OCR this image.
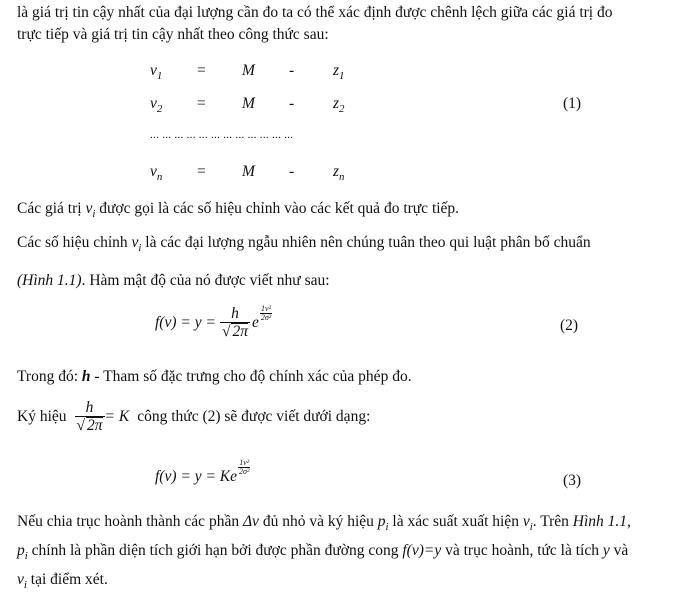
là giá trị tin cậy nhất của đại lượng cần đo ta có thể xác định được chênh lệch giữa các giá trị đo
trực tiếp và giá trị tin cậy nhất theo công thức sau:
$v_1 = M$ -	$z_1$
$v_2 = M$ -	$z_2$	(1)
... ... ... ... ... ... ... ... ... ... ... ...
$v_n = M$ -	$z_n$
Các giá trị $v_i$ được gọi là các số hiệu chỉnh vào các kết quả đo trực tiếp.
Các số hiệu chỉnh $v_i$ là các đại lượng ngẫu nhiên nên chúng tuân theo qui luật phân bố chuẩn
(Hình 1.1). Hàm mật độ của nó được viết như sau:
$f(v) = y = \frac{h}{√ 2\pi}$ e
$\frac{\text{1v²}}{\text{2σ²}}$
(2)
Trong đó: h - Tham số đặc trưng cho độ chính xác của phép đo.
Ký hiệu $\frac{h}{√ 2\pi} = K$ công thức (2) sẽ được viết dưới dạng:
f(v) = y = Ke
$\frac{\text{1v²}}{\text{2σ²}}$
(3)
Nếu chia trục hoành thành các phần Δv đủ nhỏ và ký hiệu $p_i$ là xác suất xuất hiện $v_i$. Trên Hình 1.1,
$p_i$ chính là phần diện tích giới hạn bởi được phần đường cong f(v)=y và trục hoành, tức là tích y và
$v_i$ tại điểm xét.
